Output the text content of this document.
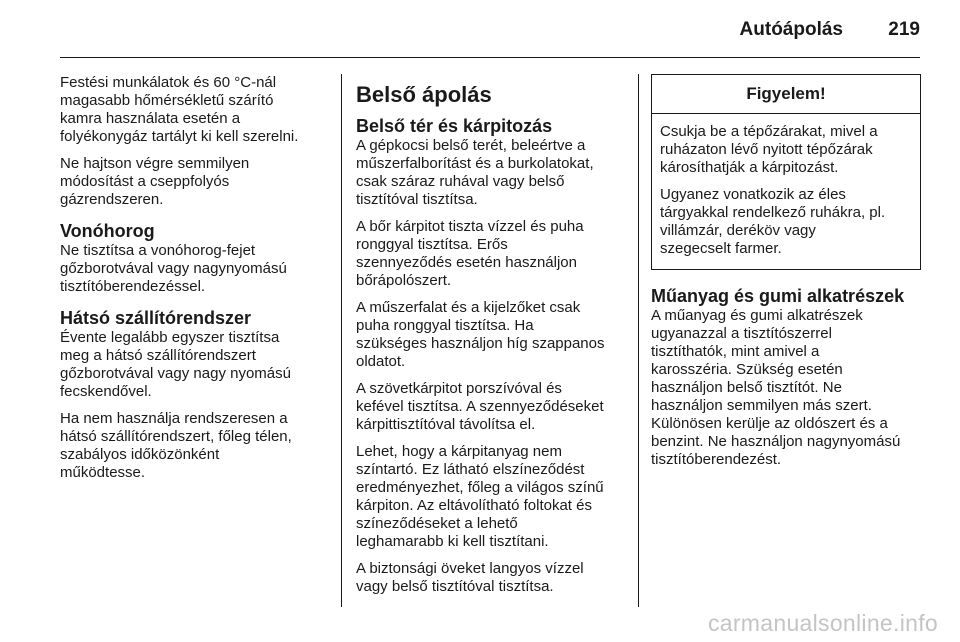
Autóápolás 219

Festési munkálatok és 60 °C-nál
magasabb hőmérsékletű szárító
kamra használata esetén a
folyékonygáz tartályt ki kell szerelni.

Ne hajtson végre semmilyen
módosítást a cseppfolyós
gázrendszeren.

Vonóhorog

Ne tisztítsa a vonóhorog-fejet
gőzborotvával vagy nagynyomású
tisztítóberendezéssel.

Hátsó szállítórendszer

Évente legalább egyszer tisztítsa
meg a hátsó szállítórendszert
gőzborotvával vagy nagy nyomású
fecskendővel.

Ha nem használja rendszeresen a
hátsó szállítórendszert, főleg télen,
szabályos időközönként
működtesse.

Belső ápolás
Belső tér és kárpitozás

A gépkocsi belső terét, beleértve a
műszerfalborítást és a burkolatokat,
csak száraz ruhával vagy belső
tisztítóval tisztítsa.

A bőr kárpitot tiszta vízzel és puha
ronggyal tisztítsa. Erős
szennyeződés esetén használjon
bőrápolószert.

A műszerfalat és a kijelzőket csak
puha ronggyal tisztítsa. Ha
szükséges használjon híg szappanos
oldatot.

A szövetkárpitot porszívóval és
kefével tisztítsa. A szennyeződéseket
kárpittisztítóval távolítsa el.

Lehet, hogy a kárpitanyag nem
színtartó. Ez látható elszíneződést
eredményezhet, főleg a világos színű
kárpiton. Az eltávolítható foltokat és
színeződéseket a lehető
leghamarabb ki kell tisztítani.

A biztonsági öveket langyos vízzel
vagy belső tisztítóval tisztítsa.

Figyelem!

Csukja be a tépőzárakat, mivel a
ruházaton lévő nyitott tépőzárak
károsíthatják a kárpitozást.

Ugyanez vonatkozik az éles
tárgyakkal rendelkező ruhákra, pl.
villámzár, deréköv vagy
szegecselt farmer.

Műanyag és gumi alkatrészek

A műanyag és gumi alkatrészek
ugyanazzal a tisztítószerrel
tisztíthatók, mint amivel a
karosszéria. Szükség esetén
használjon belső tisztítót. Ne
használjon semmilyen más szert.
Különösen kerülje az oldószert és a
benzint. Ne használjon nagynyomású
tisztítóberendezést.

carmanualsonline.info
